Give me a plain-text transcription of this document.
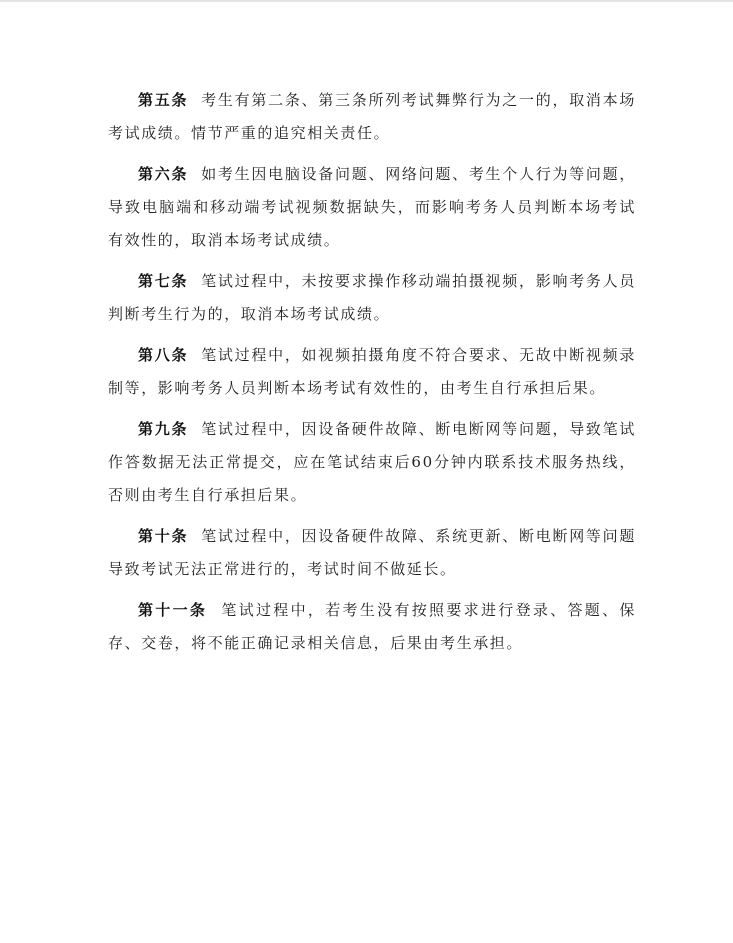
第五条 考生有第二条、第三条所列考试舞弊行为之一的，取消本场考试成绩。情节严重的追究相关责任。

第六条 如考生因电脑设备问题、网络问题、考生个人行为等问题，导致电脑端和移动端考试视频数据缺失，而影响考务人员判断本场考试有效性的，取消本场考试成绩。

第七条 笔试过程中，未按要求操作移动端拍摄视频，影响考务人员判断考生行为的，取消本场考试成绩。

第八条 笔试过程中，如视频拍摄角度不符合要求、无故中断视频录制等，影响考务人员判断本场考试有效性的，由考生自行承担后果。

第九条 笔试过程中，因设备硬件故障、断电断网等问题，导致笔试作答数据无法正常提交，应在笔试结束后60分钟内联系技术服务热线，否则由考生自行承担后果。

第十条 笔试过程中，因设备硬件故障、系统更新、断电断网等问题导致考试无法正常进行的，考试时间不做延长。

第十一条 笔试过程中，若考生没有按照要求进行登录、答题、保存、交卷，将不能正确记录相关信息，后果由考生承担。
